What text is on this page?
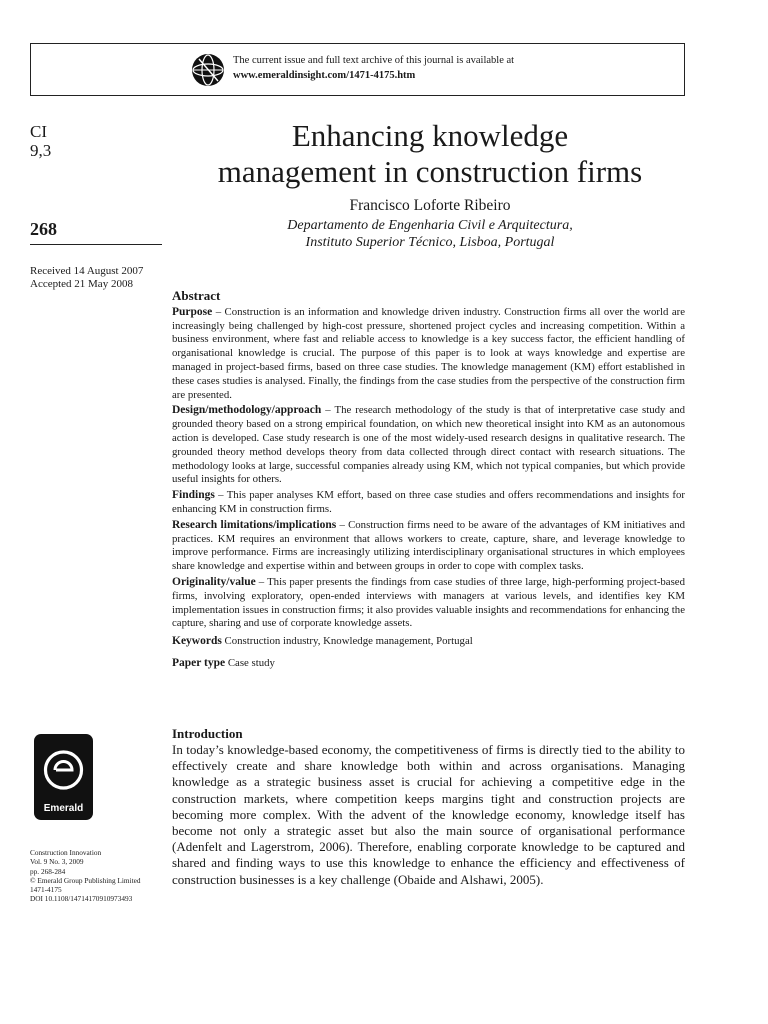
The current issue and full text archive of this journal is available at
www.emeraldinsight.com/1471-4175.htm
CI
9,3
268
Received 14 August 2007
Accepted 21 May 2008
Enhancing knowledge
management in construction firms
Francisco Loforte Ribeiro
Departamento de Engenharia Civil e Arquitectura,
Instituto Superior Técnico, Lisboa, Portugal
Abstract

Purpose – Construction is an information and knowledge driven industry. Construction firms all over the world are increasingly being challenged by high-cost pressure, shortened project cycles and increasing competition. Within a business environment, where fast and reliable access to knowledge is a key success factor, the efficient handling of organisational knowledge is crucial. The purpose of this paper is to look at ways knowledge and expertise are managed in project-based firms, based on three case studies. The knowledge management (KM) effort established in these cases studies is analysed. Finally, the findings from the case studies from the perspective of the construction firm are presented.

Design/methodology/approach – The research methodology of the study is that of interpretative case study and grounded theory based on a strong empirical foundation, on which new theoretical insight into KM as an autonomous action is developed. Case study research is one of the most widely-used research designs in qualitative research. The grounded theory method develops theory from data collected through direct contact with research situations. The methodology looks at large, successful companies already using KM, which not typical companies, but which provide useful insights for others.

Findings – This paper analyses KM effort, based on three case studies and offers recommendations and insights for enhancing KM in construction firms.

Research limitations/implications – Construction firms need to be aware of the advantages of KM initiatives and practices. KM requires an environment that allows workers to create, capture, share, and leverage knowledge to improve performance. Firms are increasingly utilizing interdisciplinary organisational structures in which employees share knowledge and expertise within and between groups in order to cope with complex tasks.

Originality/value – This paper presents the findings from case studies of three large, high-performing project-based firms, involving exploratory, open-ended interviews with managers at various levels, and identifies key KM implementation issues in construction firms; it also provides valuable insights and recommendations for enhancing the capture, sharing and use of corporate knowledge assets.

Keywords Construction industry, Knowledge management, Portugal

Paper type Case study

Introduction

In today’s knowledge-based economy, the competitiveness of firms is directly tied to the ability to effectively create and share knowledge both within and across organisations. Managing knowledge as a strategic business asset is crucial for achieving a competitive edge in the construction markets, where competition keeps margins tight and construction projects are becoming more complex. With the advent of the knowledge economy, knowledge itself has become not only a strategic asset but also the main source of organisational performance (Adenfelt and Lagerstrom, 2006). Therefore, enabling corporate knowledge to be captured and shared and finding ways to use this knowledge to enhance the efficiency and effectiveness of construction businesses is a key challenge (Obaide and Alshawi, 2005).

Emerald
Construction Innovation
Vol. 9 No. 3, 2009
pp. 268-284
© Emerald Group Publishing Limited
1471-4175
DOI 10.1108/14714170910973493
